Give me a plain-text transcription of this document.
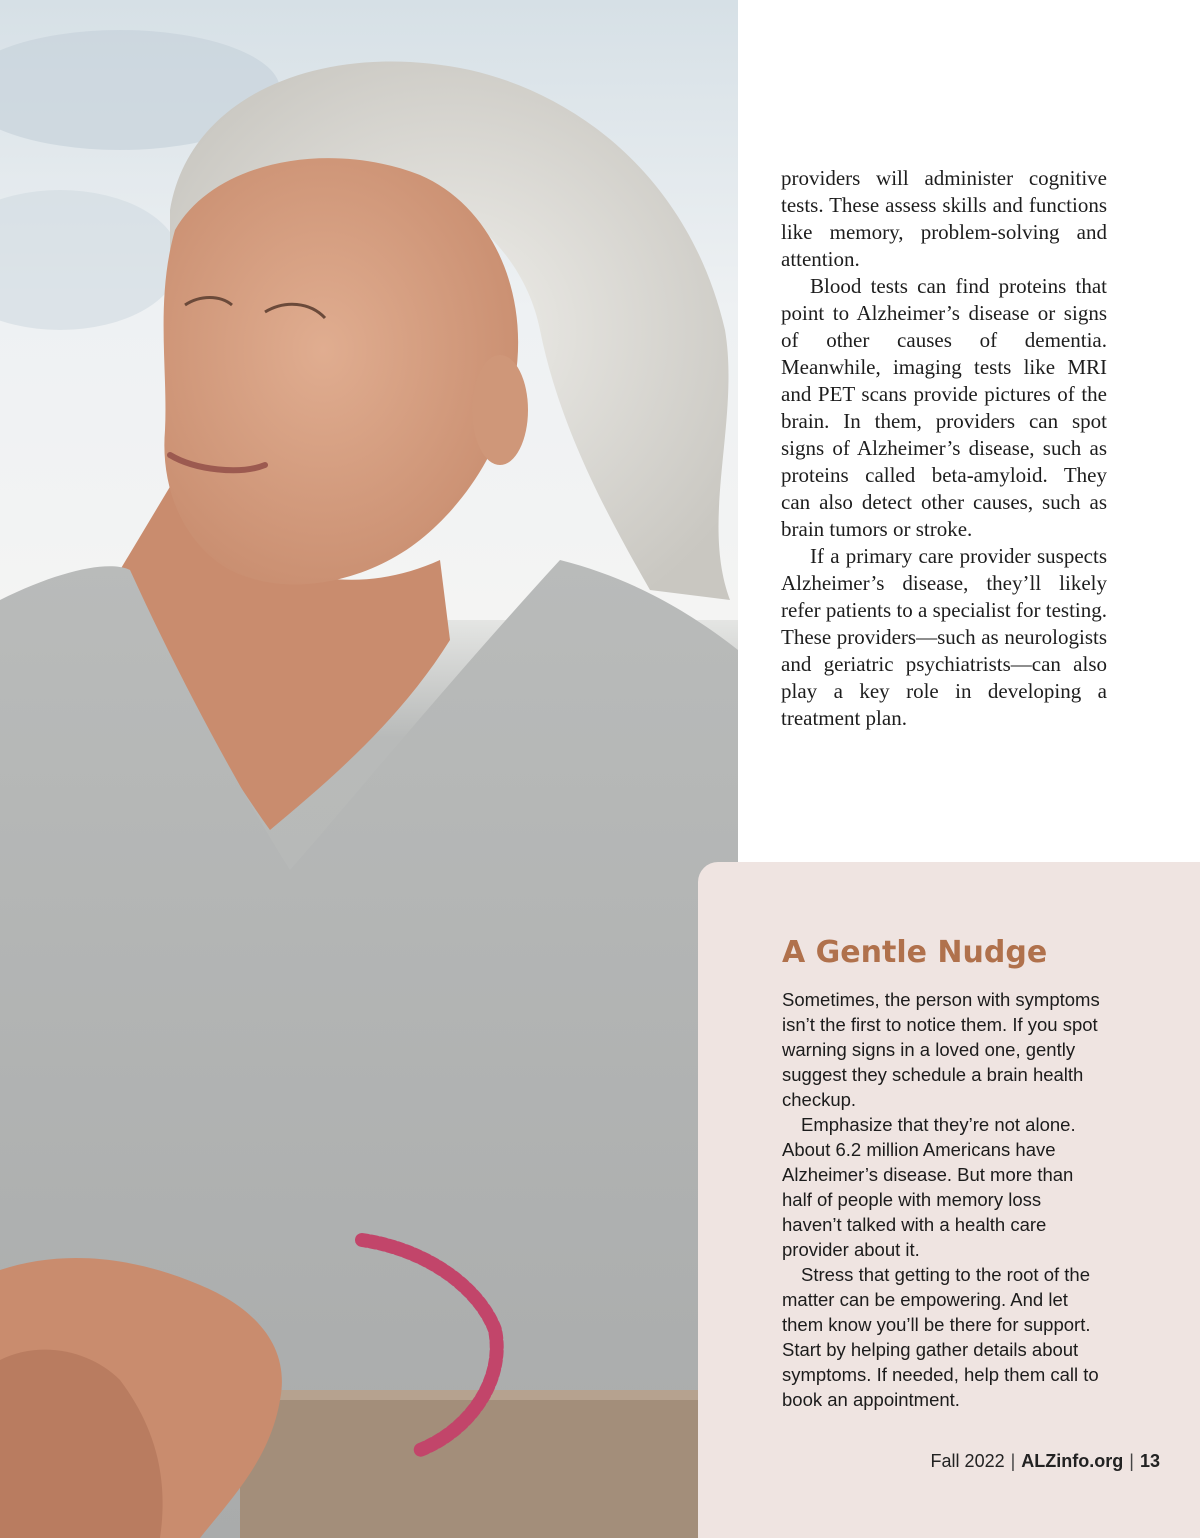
providers will administer cognitive tests. These assess skills and functions like memory, problem-solving and attention.

Blood tests can find proteins that point to Alzheimer’s disease or signs of other causes of dementia. Meanwhile, imaging tests like MRI and PET scans provide pictures of the brain. In them, providers can spot signs of Alzheimer’s disease, such as proteins called beta-amyloid. They can also detect other causes, such as brain tumors or stroke.

If a primary care provider suspects Alzheimer’s disease, they’ll likely refer patients to a specialist for testing. These providers—such as neurologists and geriatric psychiatrists—can also play a key role in developing a treatment plan.

A Gentle Nudge

Sometimes, the person with symptoms isn’t the first to notice them. If you spot warning signs in a loved one, gently suggest they schedule a brain health checkup.

Emphasize that they’re not alone. About 6.2 million Americans have Alzheimer’s disease. But more than half of people with memory loss haven’t talked with a health care provider about it.

Stress that getting to the root of the matter can be empowering. And let them know you’ll be there for support. Start by helping gather details about symptoms. If needed, help them call to book an appointment.

Fall 2022 | ALZinfo.org | 13
